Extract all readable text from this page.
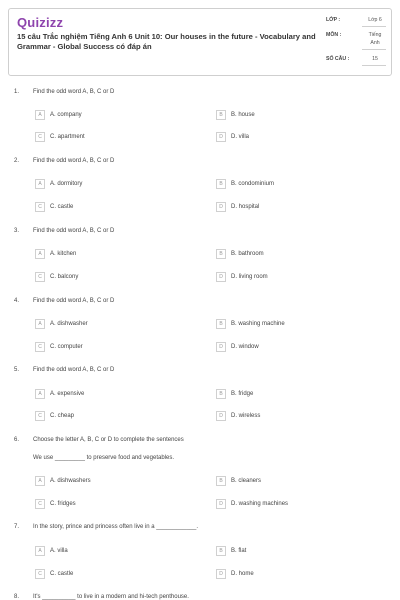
Quizizz
15 câu Trắc nghiệm Tiếng Anh 6 Unit 10: Our houses in the future - Vocabulary and Grammar - Global Success có đáp án
LỚP :	Lớp 6
MÔN :	Tiếng
Anh
SỐ CÂU :	15
1. Find the odd word A, B, C or D
A A. company	B B. house
C C. apartment	D D. villa
2. Find the odd word A, B, C or D
A A. dormitory	B B. condominium
C C. castle	D D. hospital
3. Find the odd word A, B, C or D
A A. kitchen	B B. bathroom
C C. balcony	D D. living room
4. Find the odd word A, B, C or D
A A. dishwasher	B B. washing machine
C C. computer	D D. window
5. Find the odd word A, B, C or D
A A. expensive	B B. fridge
C C. cheap	D D. wireless
6. Choose the letter A, B, C or D to complete the sentences
We use _________ to preserve food and vegetables.
A A. dishwashers	B B. cleaners
C C. fridges	D D. washing machines
7. In the story, prince and princess often live in a ____________.
A A. villa	B B. flat
C C. castle	D D. home
8. It's __________ to live in a modern and hi-tech penthouse.
